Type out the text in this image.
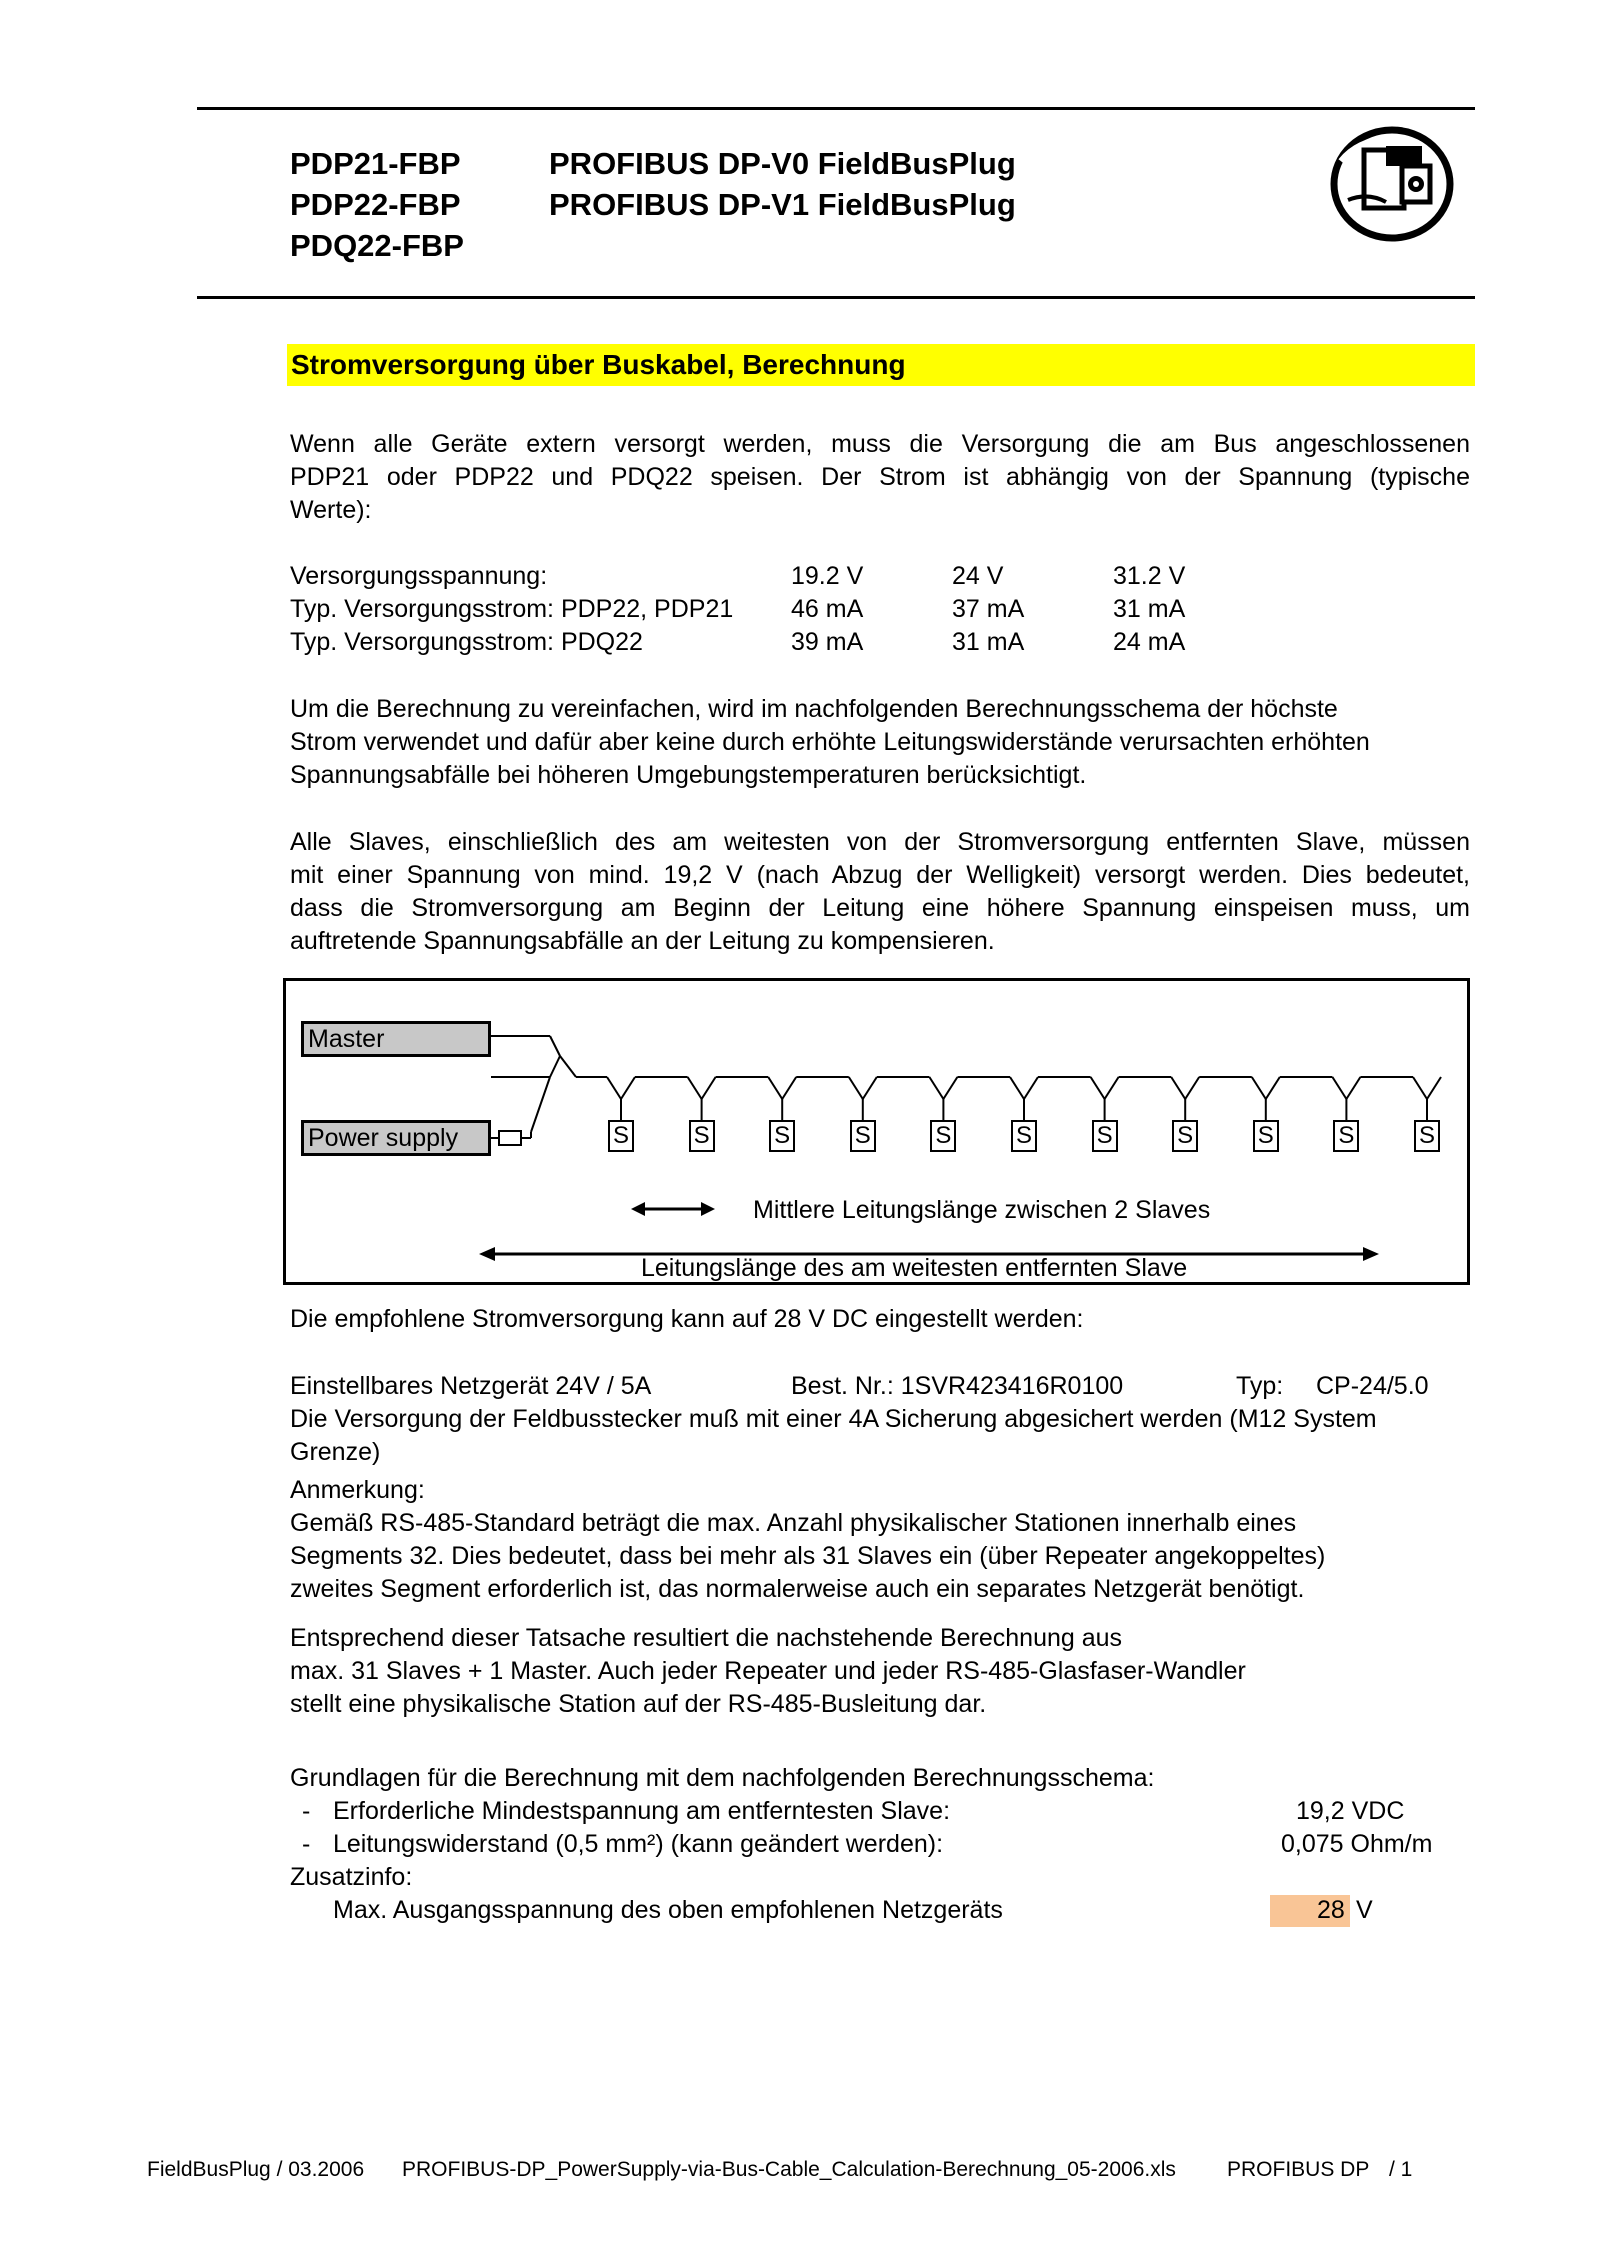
PDP21-FBP
PDP22-FBP
PDQ22-FBP
PROFIBUS DP-V0 FieldBusPlug
PROFIBUS DP-V1 FieldBusPlug
Stromversorgung über Buskabel, Berechnung
Wenn alle Geräte extern versorgt werden, muss die Versorgung die am Bus angeschlossenen
PDP21 oder PDP22 und PDQ22 speisen. Der Strom ist abhängig von der Spannung (typische
Werte):
Versorgungsspannung:	19.2 V	24 V	31.2 V
Typ. Versorgungsstrom: PDP22, PDP21 46 mA	37 mA	31 mA
Typ. Versorgungsstrom: PDQ22	39 mA	31 mA	24 mA
Um die Berechnung zu vereinfachen, wird im nachfolgenden Berechnungsschema der höchste
Strom verwendet und dafür aber keine durch erhöhte Leitungswiderstände verursachten erhöhten
Spannungsabfälle bei höheren Umgebungstemperaturen berücksichtigt.
Alle Slaves, einschließlich des am weitesten von der Stromversorgung entfernten Slave, müssen
mit einer Spannung von mind. 19,2 V (nach Abzug der Welligkeit) versorgt werden. Dies bedeutet,
dass die Stromversorgung am Beginn der Leitung eine höhere Spannung einspeisen muss, um
auftretende Spannungsabfälle an der Leitung zu kompensieren.
Master
Power supply	S	S	S	S	S	S	S	S	S	S	S
Mittlere Leitungslänge zwischen 2 Slaves
Leitungslänge des am weitesten entfernten Slave
Die empfohlene Stromversorgung kann auf 28 V DC eingestellt werden:
Einstellbares Netzgerät 24V / 5A	Best. Nr.: 1SVR423416R0100	Typ: CP-24/5.0
Die Versorgung der Feldbusstecker muß mit einer 4A Sicherung abgesichert werden (M12 System
Grenze)
Anmerkung:
Gemäß RS-485-Standard beträgt die max. Anzahl physikalischer Stationen innerhalb eines
Segments 32. Dies bedeutet, dass bei mehr als 31 Slaves ein (über Repeater angekoppeltes)
zweites Segment erforderlich ist, das normalerweise auch ein separates Netzgerät benötigt.
Entsprechend dieser Tatsache resultiert die nachstehende Berechnung aus
max. 31 Slaves + 1 Master. Auch jeder Repeater und jeder RS-485-Glasfaser-Wandler
stellt eine physikalische Station auf der RS-485-Busleitung dar.
Grundlagen für die Berechnung mit dem nachfolgenden Berechnungsschema:
- Erforderliche Mindestspannung am entferntesten Slave:	19,2 VDC
- Leitungswiderstand (0,5 mm²) (kann geändert werden):	0,075 Ohm/m
Zusatzinfo:
Max. Ausgangsspannung des oben empfohlenen Netzgeräts	28 V
FieldBusPlug / 03.2006 PROFIBUS-DP_PowerSupply-via-Bus-Cable_Calculation-Berechnung_05-2006.xls PROFIBUS DP / 1
